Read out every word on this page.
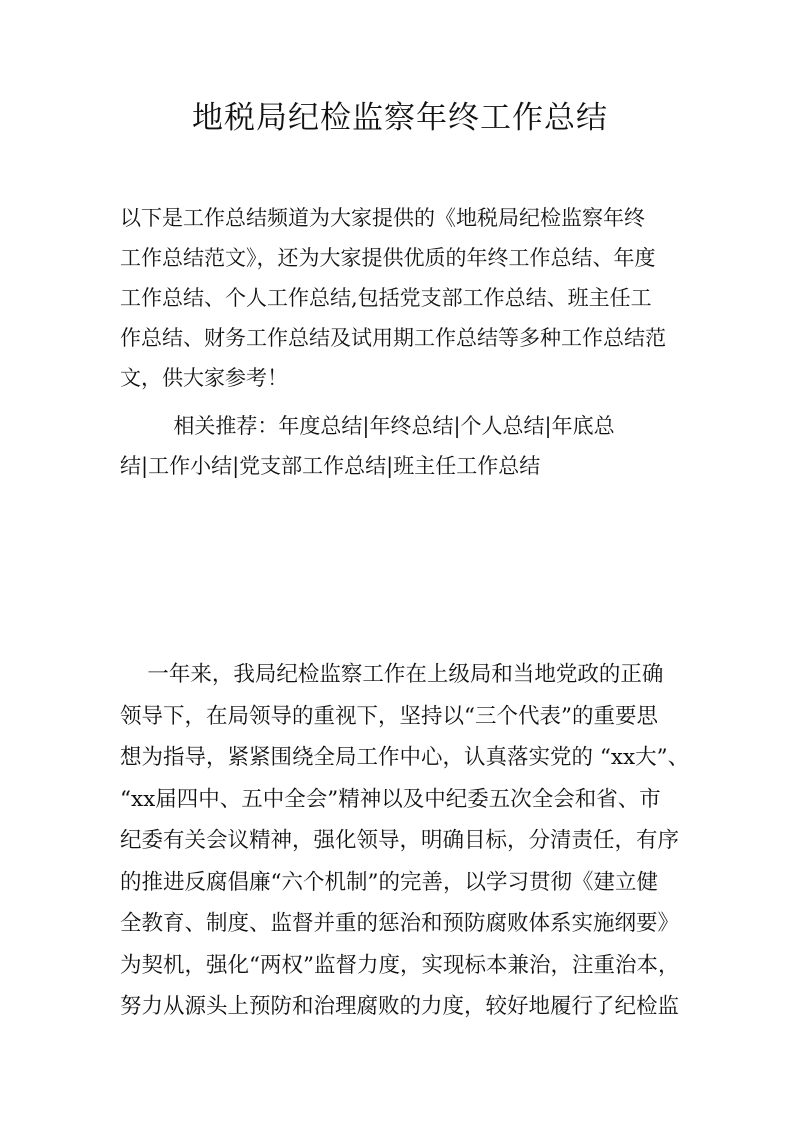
地税局纪检监察年终工作总结
以下是工作总结频道为大家提供的《地税局纪检监察年终
工作总结范文》，还为大家提供优质的年终工作总结、年度
工作总结、个人工作总结,包括党支部工作总结、班主任工
作总结、财务工作总结及试用期工作总结等多种工作总结范
文，供大家参考！
相关推荐：年度总结|年终总结|个人总结|年底总
结|工作小结|党支部工作总结|班主任工作总结
一年来，我局纪检监察工作在上级局和当地党政的正确
领导下，在局领导的重视下，坚持以“三个代表”的重要思
想为指导，紧紧围绕全局工作中心，认真落实党的 “xx大”、
“xx届四中、五中全会”精神以及中纪委五次全会和省、市
纪委有关会议精神，强化领导，明确目标，分清责任，有序
的推进反腐倡廉“六个机制”的完善，以学习贯彻《建立健
全教育、制度、监督并重的惩治和预防腐败体系实施纲要》
为契机，强化“两权”监督力度，实现标本兼治，注重治本，
努力从源头上预防和治理腐败的力度，较好地履行了纪检监
